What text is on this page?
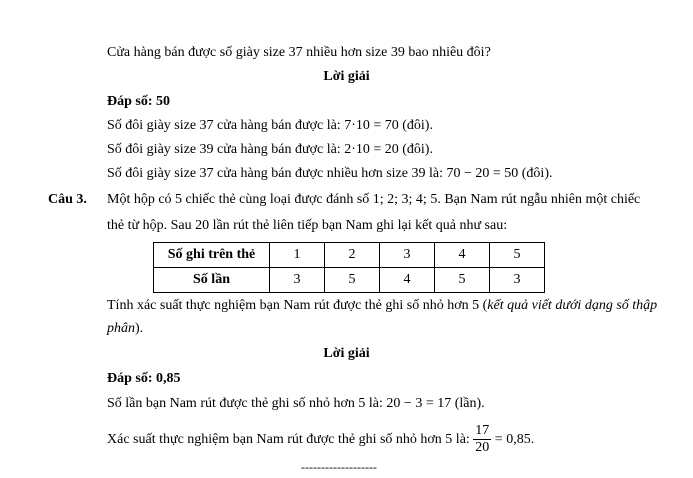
Cửa hàng bán được số giày size 37 nhiều hơn size 39 bao nhiêu đôi?
Lời giải
Đáp số: 50
Số đôi giày size 37 cửa hàng bán được là: 7·10 = 70 (đôi).
Số đôi giày size 39 cửa hàng bán được là: 2·10 = 20 (đôi).
Số đôi giày size 37 cửa hàng bán được nhiều hơn size 39 là: 70 − 20 = 50 (đôi).
Câu 3. Một hộp có 5 chiếc thẻ cùng loại được đánh số 1; 2; 3; 4; 5. Bạn Nam rút ngẫu nhiên một chiếc
thẻ từ hộp. Sau 20 lần rút thẻ liên tiếp bạn Nam ghi lại kết quả như sau:
Số ghi trên thẻ	1	2	3	4	5
Số lần	3	5	4	5	3
Tính xác suất thực nghiệm bạn Nam rút được thẻ ghi số nhỏ hơn 5 (kết quả viết dưới dạng số thập
phân).
Lời giải
Đáp số: 0,85
Số lần bạn Nam rút được thẻ ghi số nhỏ hơn 5 là: 20 − 3 = 17 (lần).
Xác suất thực nghiệm bạn Nam rút được thẻ ghi số nhỏ hơn 5 là: $\frac{17}{20} = 0,85$.
-------------------
